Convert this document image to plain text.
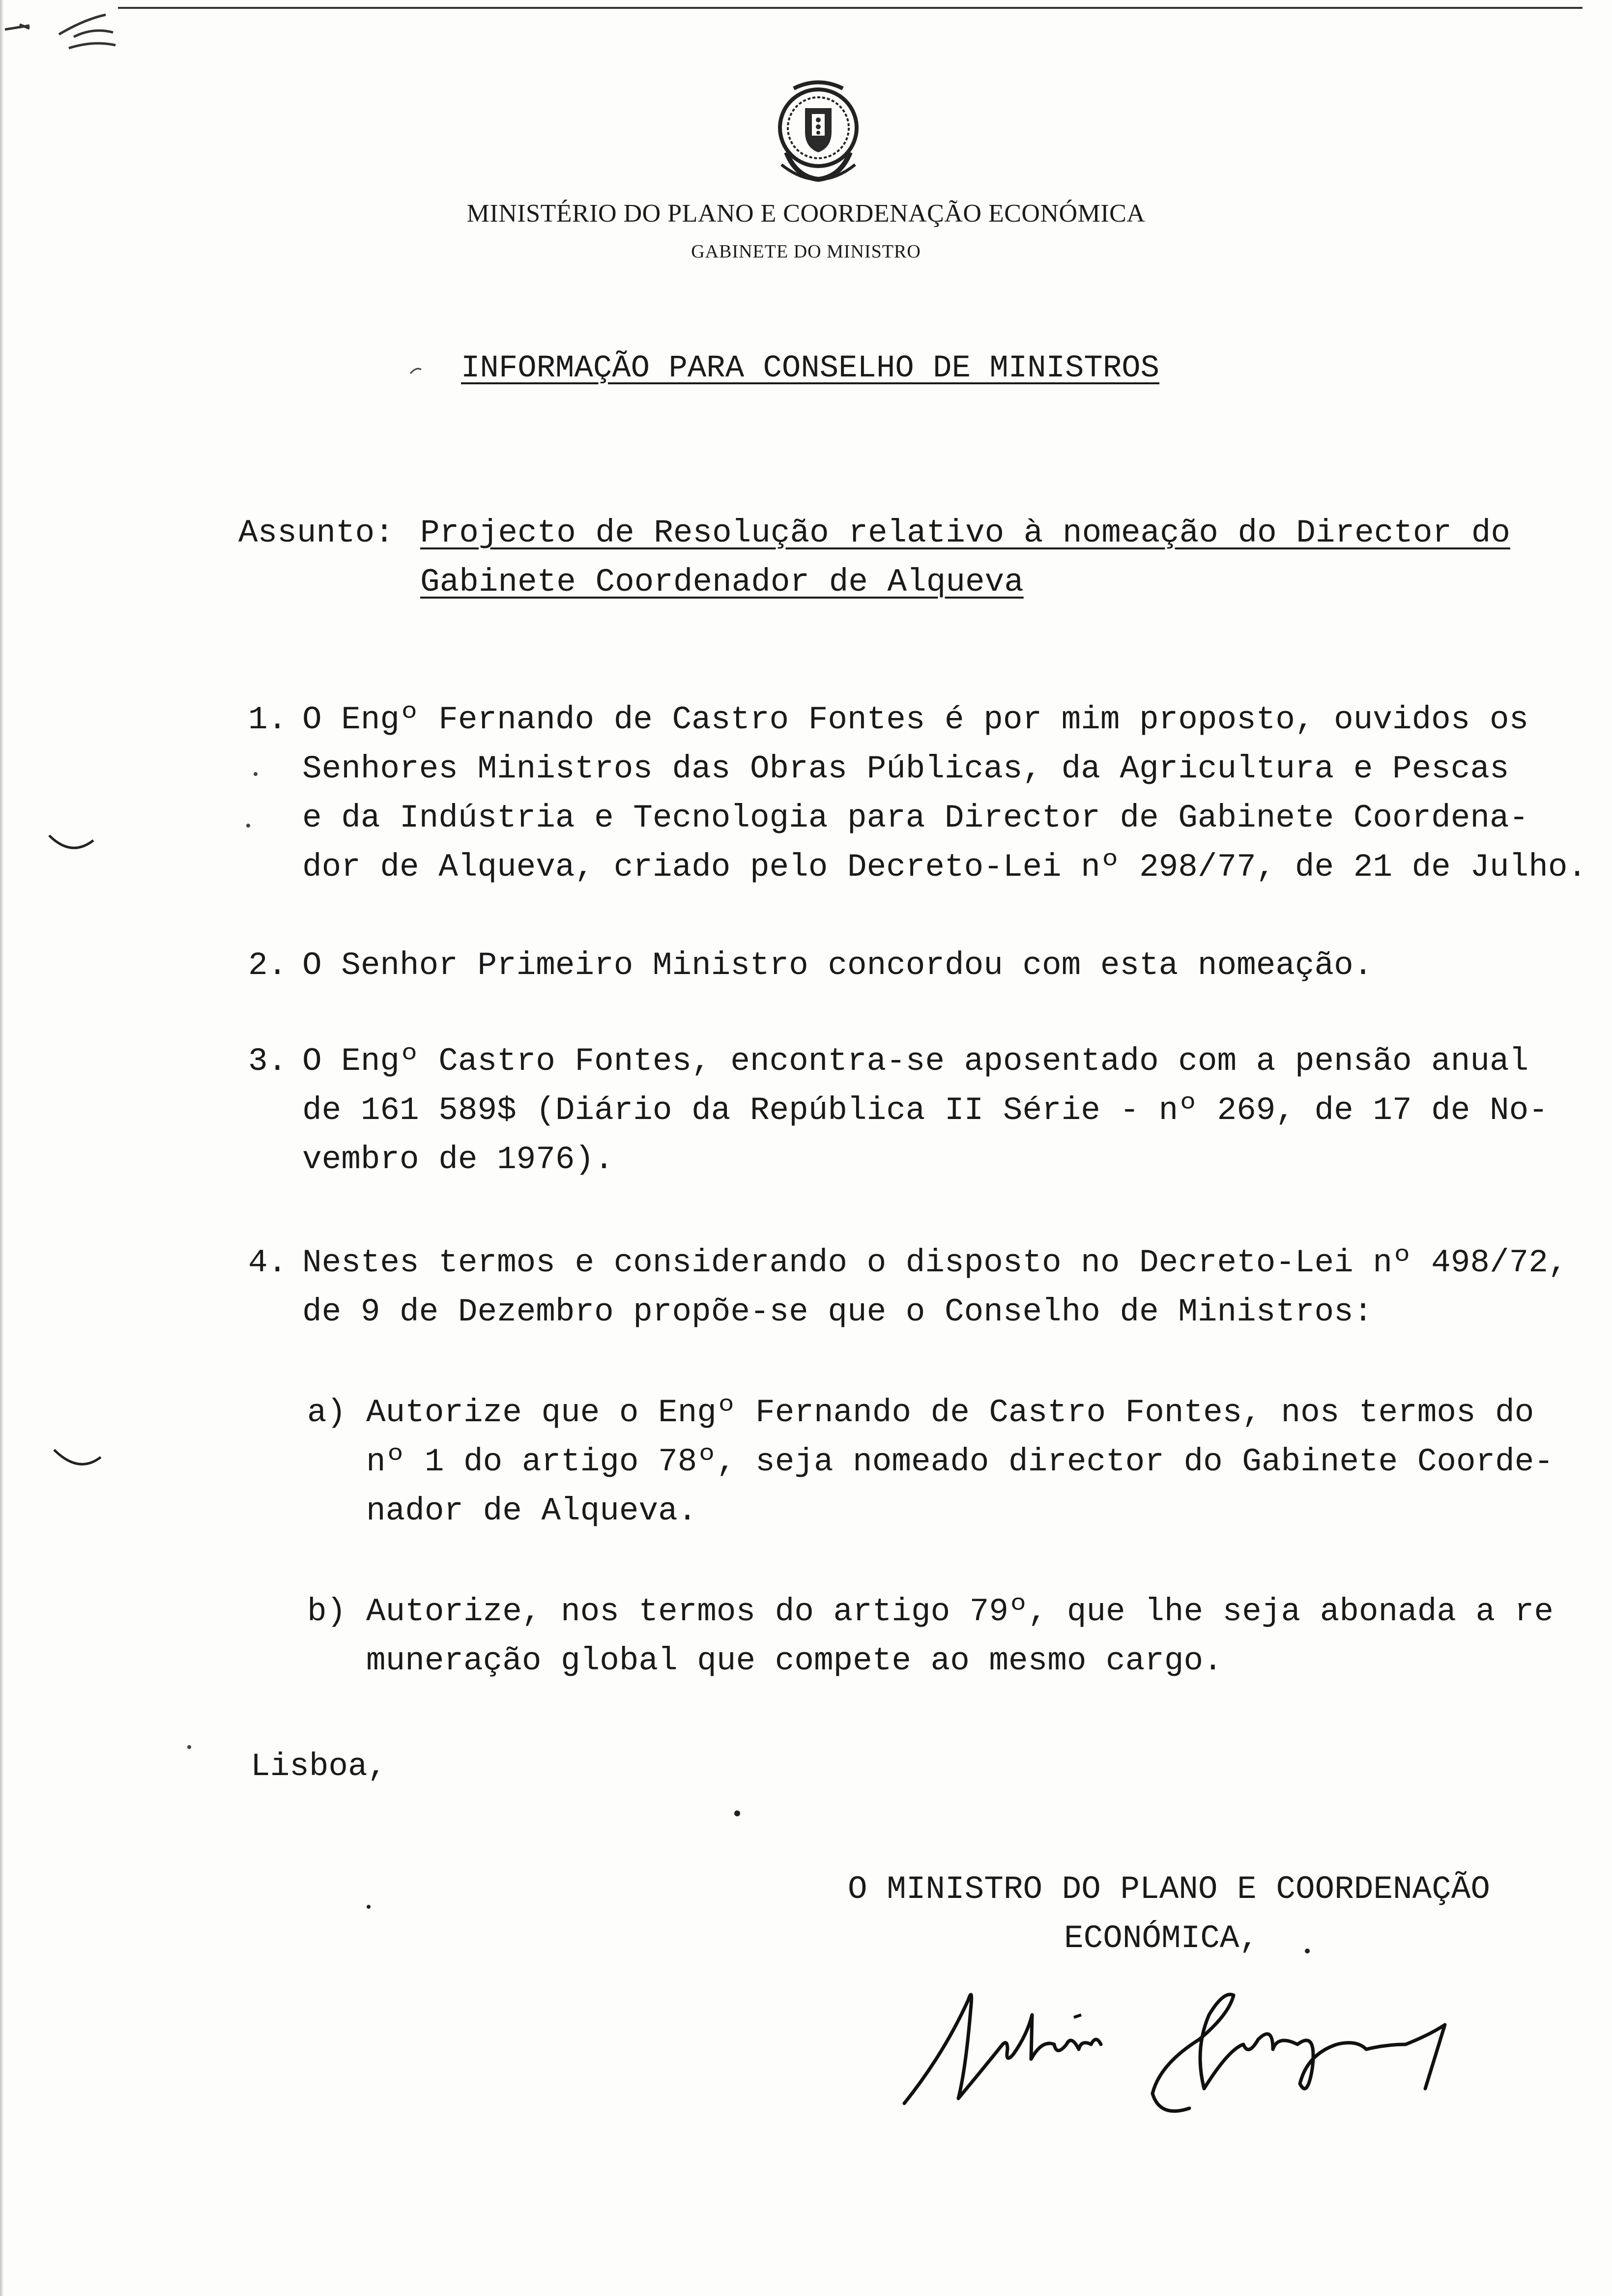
MINISTÉRIO DO PLANO E COORDENAÇÃO ECONÓMICA
GABINETE DO MINISTRO
INFORMAÇÃO PARA CONSELHO DE MINISTROS
Assunto: Projecto de Resolução relativo à nomeação do Director do
Gabinete Coordenador de Alqueva
1. O Engº Fernando de Castro Fontes é por mim proposto, ouvidos os
Senhores Ministros das Obras Públicas, da Agricultura e Pescas
e da Indústria e Tecnologia para Director de Gabinete Coordena-
dor de Alqueva, criado pelo Decreto-Lei nº 298/77, de 21 de Julho.
2. O Senhor Primeiro Ministro concordou com esta nomeação.
3. O Engº Castro Fontes, encontra-se aposentado com a pensão anual
de 161 589$ (Diário da República II Série - nº 269, de 17 de No-
vembro de 1976).
4. Nestes termos e considerando o disposto no Decreto-Lei nº 498/72,
de 9 de Dezembro propõe-se que o Conselho de Ministros:
a) Autorize que o Engº Fernando de Castro Fontes, nos termos do
nº 1 do artigo 78º, seja nomeado director do Gabinete Coorde-
nador de Alqueva.
b) Autorize, nos termos do artigo 79º, que lhe seja abonada a re
muneração global que compete ao mesmo cargo.
Lisboa,
O MINISTRO DO PLANO E COORDENAÇÃO
ECONÓMICA,
